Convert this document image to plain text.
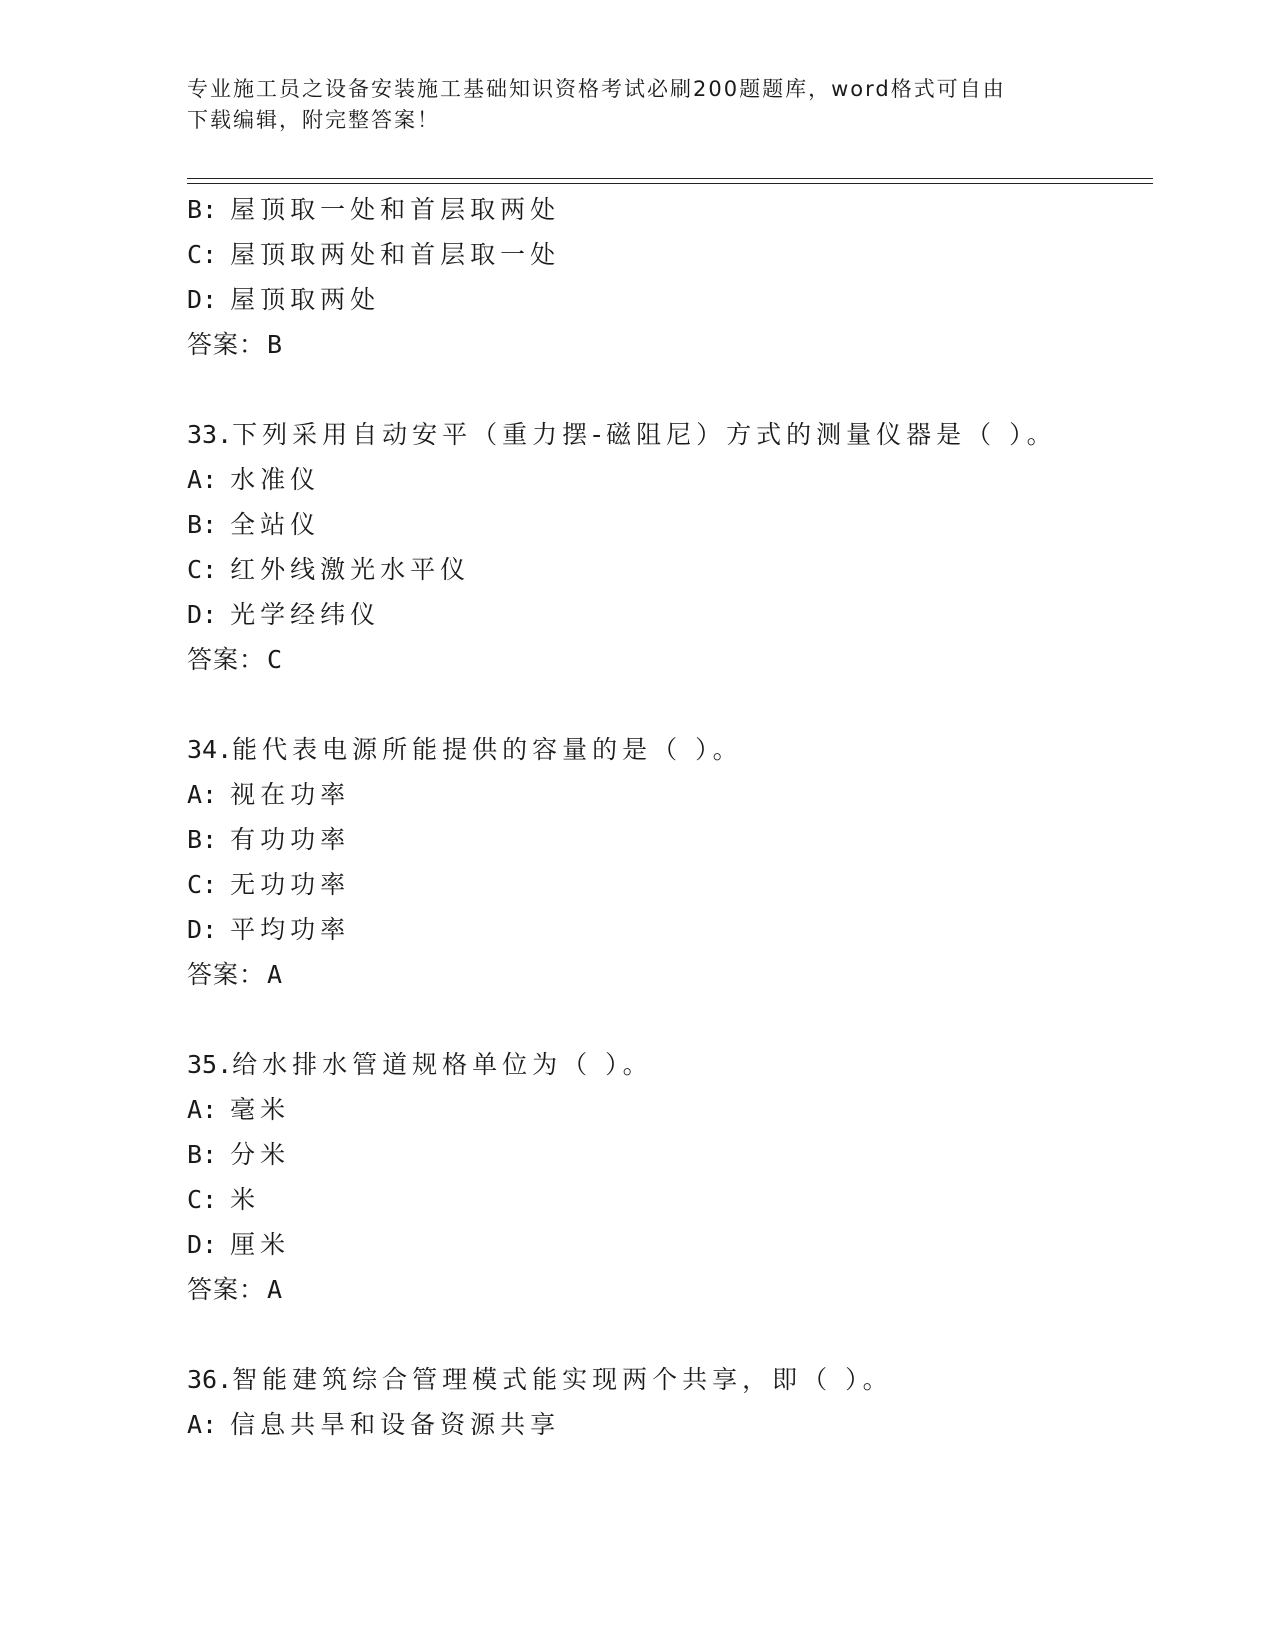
专业施工员之设备安装施工基础知识资格考试必刷200题题库，word格式可自由
下载编辑，附完整答案！
B: 屋顶取一处和首层取两处
C: 屋顶取两处和首层取一处
D: 屋顶取两处
答案：B
33.下列采用自动安平（重力摆-磁阻尼）方式的测量仪器是（ ）。
A: 水准仪
B: 全站仪
C: 红外线激光水平仪
D: 光学经纬仪
答案：C
34.能代表电源所能提供的容量的是（ ）。
A: 视在功率
B: 有功功率
C: 无功功率
D: 平均功率
答案：A
35.给水排水管道规格单位为（ ）。
A: 毫米
B: 分米
C: 米
D: 厘米
答案：A
36.智能建筑综合管理模式能实现两个共享，即（ ）。
A: 信息共旱和设备资源共享
